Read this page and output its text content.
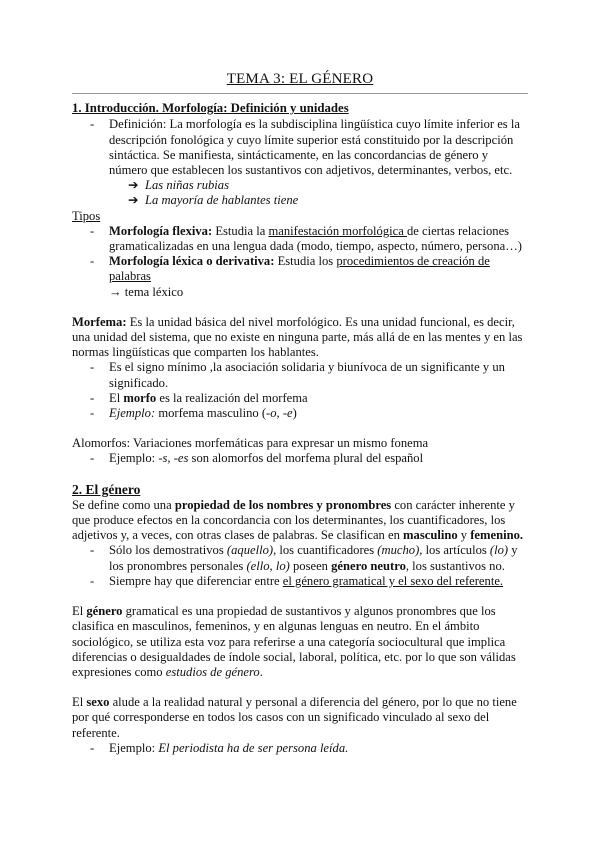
TEMA 3: EL GÉNERO
1. Introducción. Morfología: Definición y unidades
- Definición: La morfología es la subdisciplina lingüística cuyo límite inferior es la descripción fonológica y cuyo límite superior está constituido por la descripción sintáctica. Se manifiesta, sintácticamente, en las concordancias de género y número que establecen los sustantivos con adjetivos, determinantes, verbos, etc.
➔ Las niñas rubias
➔ La mayoría de hablantes tiene
Tipos
- Morfología flexiva: Estudia la manifestación morfológica de ciertas relaciones gramaticalizadas en una lengua dada (modo, tiempo, aspecto, número, persona…)
- Morfología léxica o derivativa: Estudia los procedimientos de creación de palabras
→ tema léxico

Morfema: Es la unidad básica del nivel morfológico. Es una unidad funcional, es decir, una unidad del sistema, que no existe en ninguna parte, más allá de en las mentes y en las normas lingüísticas que comparten los hablantes.

- Es el signo mínimo ,la asociación solidaria y biunívoca de un significante y un significado.
- El morfo es la realización del morfema
- Ejemplo: morfema masculino (-o, -e)

Alomorfos: Variaciones morfemáticas para expresar un mismo fonema

- Ejemplo: -s, -es son alomorfos del morfema plural del español
2. El género

Se define como una propiedad de los nombres y pronombres con carácter inherente y que produce efectos en la concordancia con los determinantes, los cuantificadores, los adjetivos y, a veces, con otras clases de palabras. Se clasifican en masculino y femenino.

- Sólo los demostrativos (aquello), los cuantificadores (mucho), los artículos (lo) y los pronombres personales (ello, lo) poseen género neutro, los sustantivos no.
- Siempre hay que diferenciar entre el género gramatical y el sexo del referente.

El género gramatical es una propiedad de sustantivos y algunos pronombres que los clasifica en masculinos, femeninos, y en algunas lenguas en neutro. En el ámbito sociológico, se utiliza esta voz para referirse a una categoría sociocultural que implica diferencias o desigualdades de índole social, laboral, política, etc. por lo que son válidas expresiones como estudios de género.

El sexo alude a la realidad natural y personal a diferencia del género, por lo que no tiene por qué corresponderse en todos los casos con un significado vinculado al sexo del referente.

- Ejemplo: El periodista ha de ser persona leída.
